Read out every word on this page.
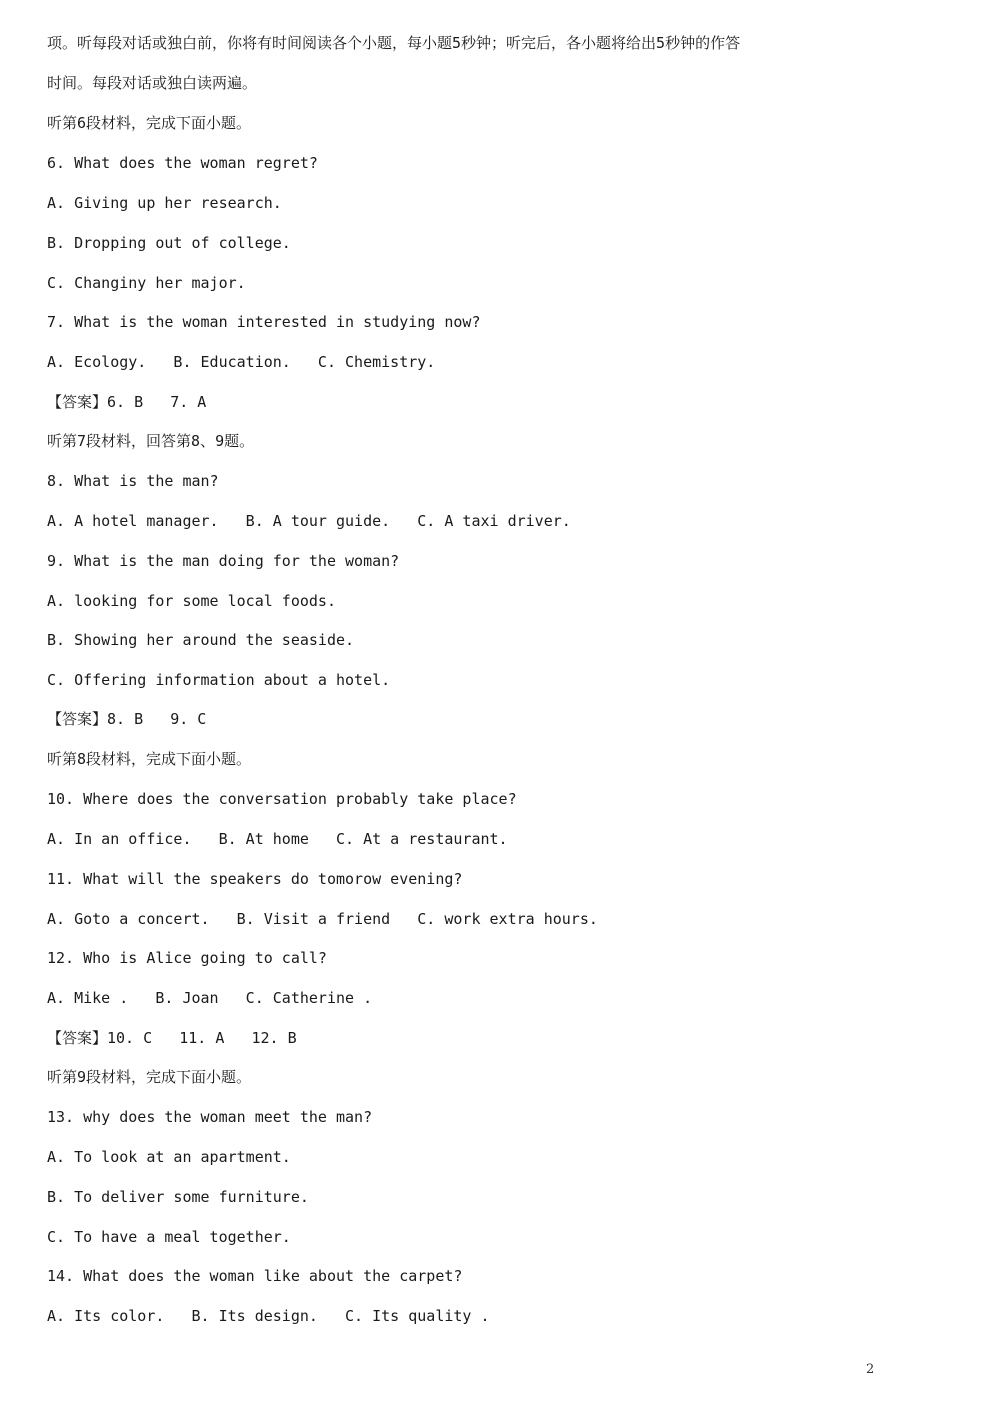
项。听每段对话或独白前，你将有时间阅读各个小题，每小题5秒钟；听完后，各小题将给出5秒钟的作答
时间。每段对话或独白读两遍。
听第6段材料，完成下面小题。
6. What does the woman regret?
A. Giving up her research.
B. Dropping out of college.
C. Changiny her major.
7. What is the woman interested in studying now?
A. Ecology.   B. Education.   C. Chemistry.
【答案】6. B   7. A
听第7段材料，回答第8、9题。
8. What is the man?
A. A hotel manager.   B. A tour guide.   C. A taxi driver.
9. What is the man doing for the woman?
A. looking for some local foods.
B. Showing her around the seaside.
C. Offering information about a hotel.
【答案】8. B   9. C
听第8段材料，完成下面小题。
10. Where does the conversation probably take place?
A. In an office.   B. At home   C. At a restaurant.
11. What will the speakers do tomorow evening?
A. Goto a concert.   B. Visit a friend   C. work extra hours.
12. Who is Alice going to call?
A. Mike .   B. Joan   C. Catherine .
【答案】10. C   11. A   12. B
听第9段材料，完成下面小题。
13. why does the woman meet the man?
A. To look at an apartment.
B. To deliver some furniture.
C. To have a meal together.
14. What does the woman like about the carpet?
A. Its color.   B. Its design.   C. Its quality .
2
